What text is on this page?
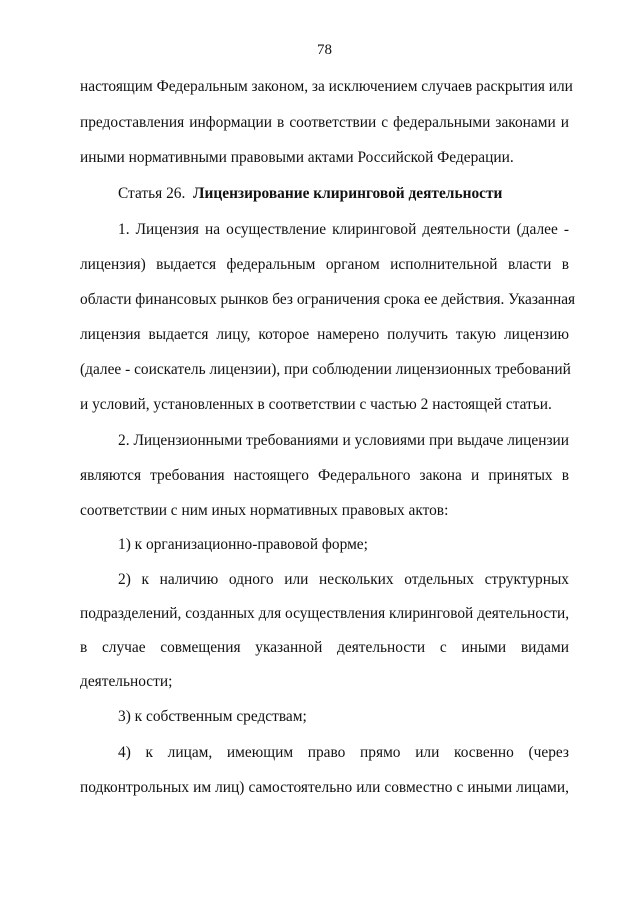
78
настоящим Федеральным законом, за исключением случаев раскрытия или
предоставления информации в соответствии с федеральными законами и
иными нормативными правовыми актами Российской Федерации.
Статья 26. Лицензирование клиринговой деятельности
1. Лицензия на осуществление клиринговой деятельности (далее -
лицензия) выдается федеральным органом исполнительной власти в
области финансовых рынков без ограничения срока ее действия. Указанная
лицензия выдается лицу, которое намерено получить такую лицензию
(далее - соискатель лицензии), при соблюдении лицензионных требований
и условий, установленных в соответствии с частью 2 настоящей статьи.
2. Лицензионными требованиями и условиями при выдаче лицензии
являются требования настоящего Федерального закона и принятых в
соответствии с ним иных нормативных правовых актов:
1) к организационно-правовой форме;
2) к наличию одного или нескольких отдельных структурных
подразделений, созданных для осуществления клиринговой деятельности,
в случае совмещения указанной деятельности с иными видами
деятельности;
3) к собственным средствам;
4) к лицам, имеющим право прямо или косвенно (через
подконтрольных им лиц) самостоятельно или совместно с иными лицами,
